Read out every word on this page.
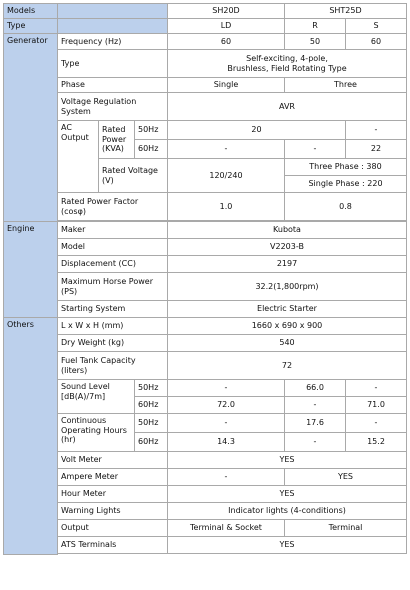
Models				SH20D	SHT25D	
Type				LD	R	S
Generator	Frequency (Hz)			60	50	60
	Type			Self-exciting, 4-pole,
Brushless, Field Rotating Type		

	Phase			Single	Three	
	Voltage Regulation System			AVR		
	AC Output	Rated Power (KVA)	50Hz	20		-
			60Hz	-	-	22
		Rated Voltage (V)		120/240	Three Phase : 380	
					Single Phase : 220	
	Rated Power Factor (cosφ)			1.0	0.8	

Engine	Maker			Kubota		
	Model			V2203-B		
	Displacement (CC)			2197		
	Maximum Horse Power (PS)			32.2(1,800rpm)		
	Starting System			Electric Starter		
Others	L x W x H (mm)			1660 x 690 x 900		
	Dry Weight (kg)			540		
	Fuel Tank Capacity (liters)			72		
	Sound Level [dB(A)/7m]		50Hz	-	66.0	-
			60Hz	72.0	-	71.0
	Continuous Operating Hours (hr)		50Hz	-	17.6	-
			60Hz	14.3	-	15.2
	Volt Meter			YES		
	Ampere Meter			-	YES	
	Hour Meter			YES		
	Warning Lights			Indicator lights (4-conditions)		
	Output			Terminal & Socket	Terminal	
	ATS Terminals			YES		
